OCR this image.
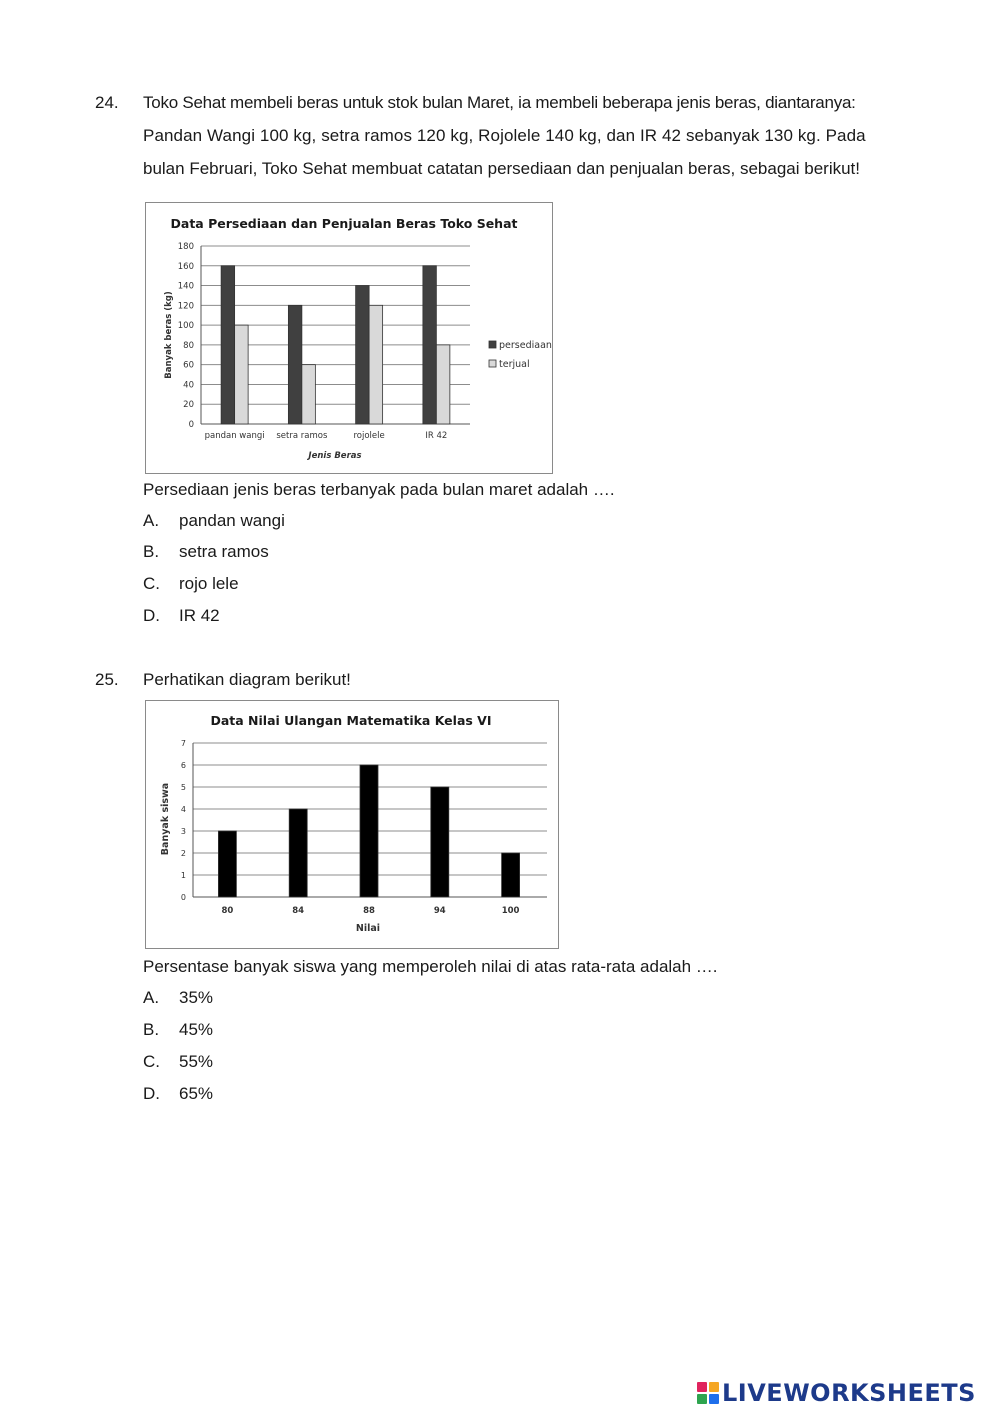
24. Toko Sehat membeli beras untuk stok bulan Maret, ia membeli beberapa jenis beras, diantaranya:
Pandan Wangi 100 kg, setra ramos 120 kg, Rojolele 140 kg, dan IR 42 sebanyak 130 kg. Pada
bulan Februari, Toko Sehat membuat catatan persediaan dan penjualan beras, sebagai berikut!
Data Persediaan dan Penjualan Beras Toko Sehat
0
20
40
60
80
100
120
140
160
180
pandan wangi setra ramos	rojolele	IR 42
Jenis Beras
Banyak beras (kg)	persediaan
terjual
Persediaan jenis beras terbanyak pada bulan maret adalah ….
A. pandan wangi
B. setra ramos
C. rojo lele
D. IR 42
25. Perhatikan diagram berikut!
Data Nilai Ulangan Matematika Kelas VI
0
1
2
3
4
5
6
7
80	84	88	94	100
Nilai
Banyak siswa
Persentase banyak siswa yang memperoleh nilai di atas rata-rata adalah ….
A. 35%
B. 45%
C. 55%
D. 65%
LIVEWORKSHEETS
